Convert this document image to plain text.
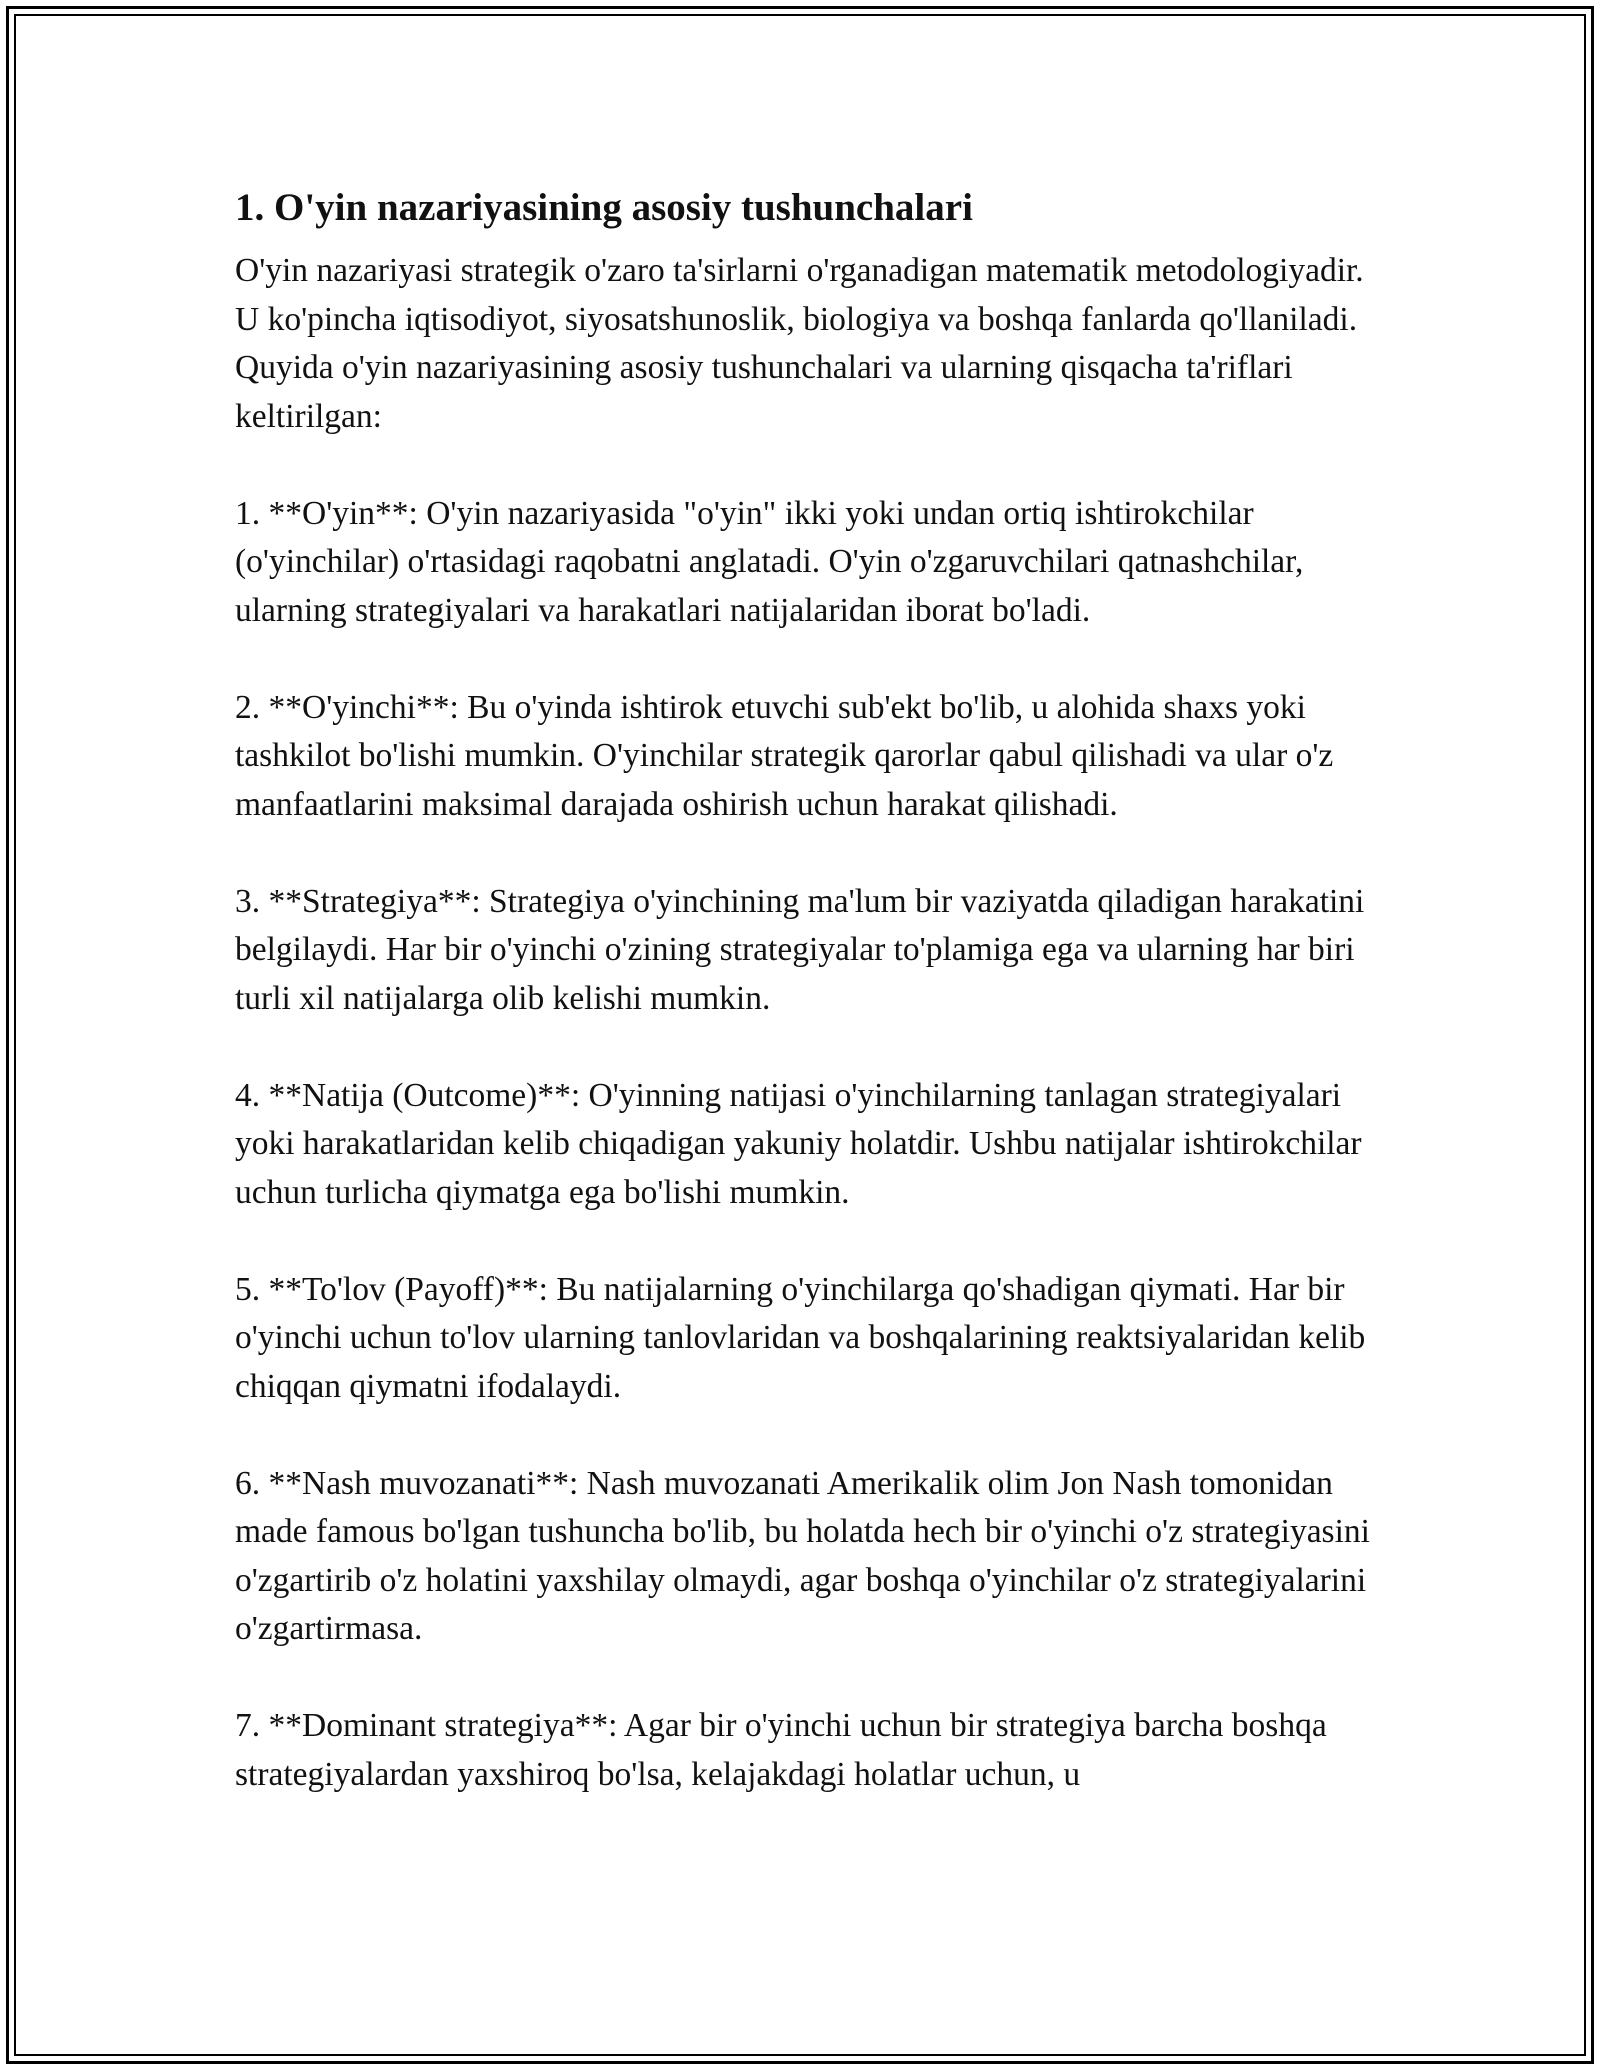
1. O'yin nazariyasining asosiy tushunchalari

O'yin nazariyasi strategik o'zaro ta'sirlarni o'rganadigan matematik metodologiyadir. U ko'pincha iqtisodiyot, siyosatshunoslik, biologiya va boshqa fanlarda qo'llaniladi. Quyida o'yin nazariyasining asosiy tushunchalari va ularning qisqacha ta'riflari keltirilgan:

1. **O'yin**: O'yin nazariyasida "o'yin" ikki yoki undan ortiq ishtirokchilar (o'yinchilar) o'rtasidagi raqobatni anglatadi. O'yin o'zgaruvchilari qatnashchilar, ularning strategiyalari va harakatlari natijalaridan iborat bo'ladi.

2. **O'yinchi**: Bu o'yinda ishtirok etuvchi sub'ekt bo'lib, u alohida shaxs yoki tashkilot bo'lishi mumkin. O'yinchilar strategik qarorlar qabul qilishadi va ular o'z manfaatlarini maksimal darajada oshirish uchun harakat qilishadi.

3. **Strategiya**: Strategiya o'yinchining ma'lum bir vaziyatda qiladigan harakatini belgilaydi. Har bir o'yinchi o'zining strategiyalar to'plamiga ega va ularning har biri turli xil natijalarga olib kelishi mumkin.

4. **Natija (Outcome)**: O'yinning natijasi o'yinchilarning tanlagan strategiyalari yoki harakatlaridan kelib chiqadigan yakuniy holatdir. Ushbu natijalar ishtirokchilar uchun turlicha qiymatga ega bo'lishi mumkin.

5. **To'lov (Payoff)**: Bu natijalarning o'yinchilarga qo'shadigan qiymati. Har bir o'yinchi uchun to'lov ularning tanlovlaridan va boshqalarining reaktsiyalaridan kelib chiqqan qiymatni ifodalaydi.

6. **Nash muvozanati**: Nash muvozanati Amerikalik olim Jon Nash tomonidan made famous bo'lgan tushuncha bo'lib, bu holatda hech bir o'yinchi o'z strategiyasini o'zgartirib o'z holatini yaxshilay olmaydi, agar boshqa o'yinchilar o'z strategiyalarini o'zgartirmasa.

7. **Dominant strategiya**: Agar bir o'yinchi uchun bir strategiya barcha boshqa strategiyalardan yaxshiroq bo'lsa, kelajakdagi holatlar uchun, u
